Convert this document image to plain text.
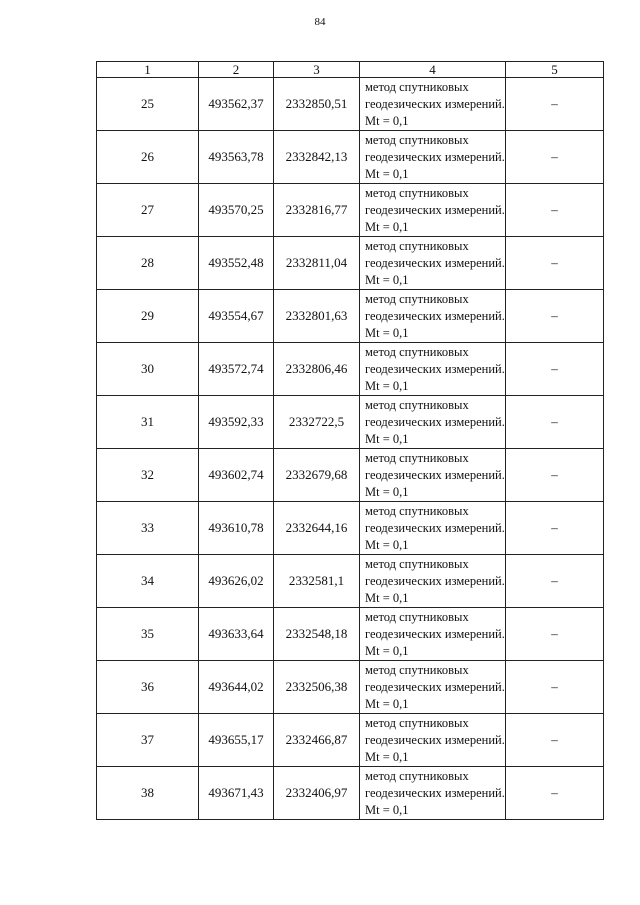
84
1	2	3	4	5
25	493562,37	2332850,51	метод спутниковых геодезических измерений. Mt = 0,1	–
26	493563,78	2332842,13	метод спутниковых геодезических измерений. Mt = 0,1	–
27	493570,25	2332816,77	метод спутниковых геодезических измерений. Mt = 0,1	–
28	493552,48	2332811,04	метод спутниковых геодезических измерений. Mt = 0,1	–
29	493554,67	2332801,63	метод спутниковых геодезических измерений. Mt = 0,1	–
30	493572,74	2332806,46	метод спутниковых геодезических измерений. Mt = 0,1	–
31	493592,33	2332722,5	метод спутниковых геодезических измерений. Mt = 0,1	–
32	493602,74	2332679,68	метод спутниковых геодезических измерений. Mt = 0,1	–
33	493610,78	2332644,16	метод спутниковых геодезических измерений. Mt = 0,1	–
34	493626,02	2332581,1	метод спутниковых геодезических измерений. Mt = 0,1	–
35	493633,64	2332548,18	метод спутниковых геодезических измерений. Mt = 0,1	–
36	493644,02	2332506,38	метод спутниковых геодезических измерений. Mt = 0,1	–
37	493655,17	2332466,87	метод спутниковых геодезических измерений. Mt = 0,1	–
38	493671,43	2332406,97	метод спутниковых геодезических измерений. Mt = 0,1	–
